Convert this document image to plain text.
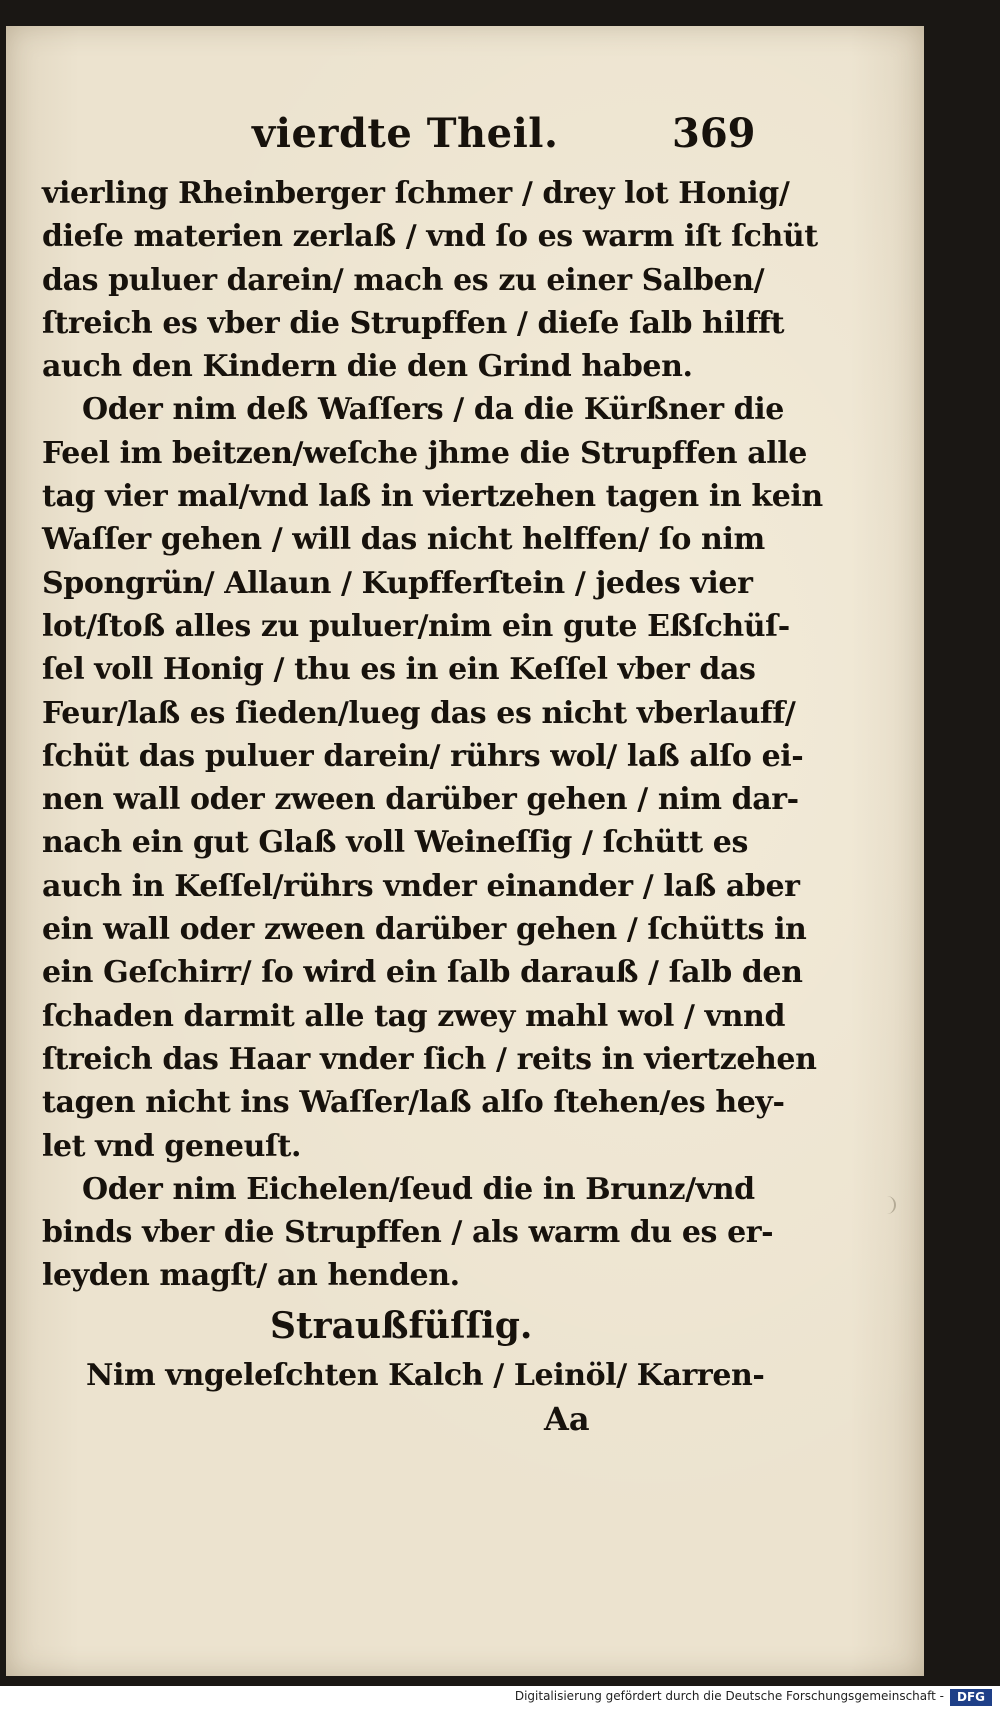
vierdte Theil.	369
vierling Rheinberger ſchmer / drey lot Honig/
dieſe materien zerlaß / vnd ſo es warm iſt ſchüt
das puluer darein/ mach es zu einer Salben/
ſtreich es vber die Strupffen / dieſe ſalb hilfft
auch den Kindern die den Grind haben.
Oder nim deß Waſſers / da die Kürßner die
Feel im beitzen/weſche jhme die Strupffen alle
tag vier mal/vnd laß in viertzehen tagen in kein
Waſſer gehen / will das nicht helffen/ ſo nim
Spongrün/ Allaun / Kupfferſtein / jedes vier
lot/ſtoß alles zu puluer/nim ein gute Eßſchüſ-
ſel voll Honig / thu es in ein Keſſel vber das
Feur/laß es ſieden/lueg das es nicht vberlauff/
ſchüt das puluer darein/ rührs wol/ laß alſo ei-
nen wall oder zween darüber gehen / nim dar-
nach ein gut Glaß voll Weineſſig / ſchütt es
auch in Keſſel/rührs vnder einander / laß aber
ein wall oder zween darüber gehen / ſchütts in
ein Geſchirr/ ſo wird ein ſalb darauß / ſalb den
ſchaden darmit alle tag zwey mahl wol / vnnd
ſtreich das Haar vnder ſich / reits in viertzehen
tagen nicht ins Waſſer/laß alſo ſtehen/es hey-
let vnd geneuſt.
Oder nim Eichelen/ſeud die in Brunz/vnd
binds vber die Strupffen / als warm du es er-
leyden magſt/ an henden.
Straußfüſſig.
Nim vngeleſchten Kalch / Leinöl/ Karren-
Aa
Digitalisierung gefördert durch die Deutsche Forschungsgemeinschaft -	DFG
